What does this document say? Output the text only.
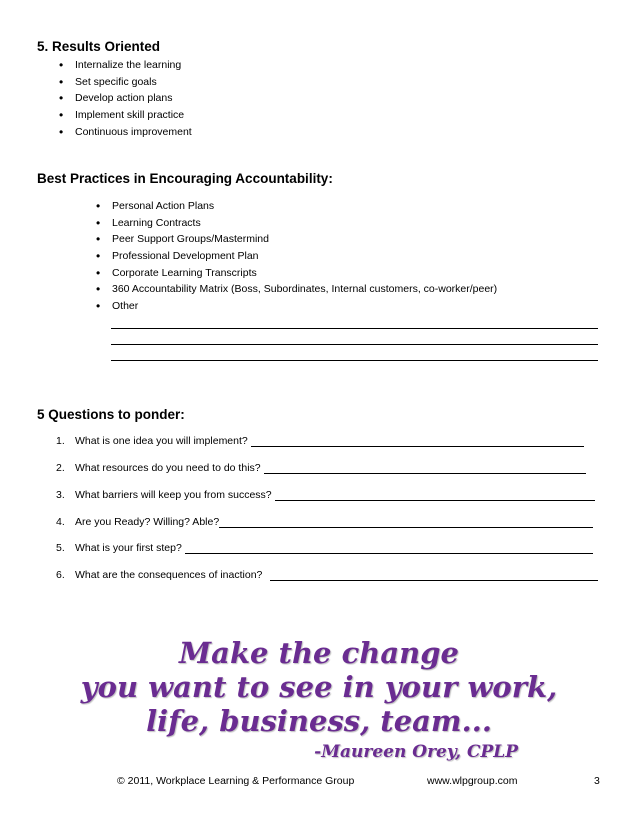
5. Results Oriented
• Internalize the learning
• Set specific goals
• Develop action plans
• Implement skill practice
• Continuous improvement
Best Practices in Encouraging Accountability:
• Personal Action Plans
• Learning Contracts
• Peer Support Groups/Mastermind
• Professional Development Plan
• Corporate Learning Transcripts
• 360 Accountability Matrix (Boss, Subordinates, Internal customers, co-worker/peer)
• Other
5 Questions to ponder:
1. What is one idea you will implement?
2. What resources do you need to do this?
3. What barriers will keep you from success?
4. Are you Ready? Willing? Able?
5. What is your first step?
6. What are the consequences of inaction?
Make the change
you want to see in your work,
life, business, team...
-Maureen Orey, CPLP
© 2011, Workplace Learning & Performance Group	www.wlpgroup.com	3
